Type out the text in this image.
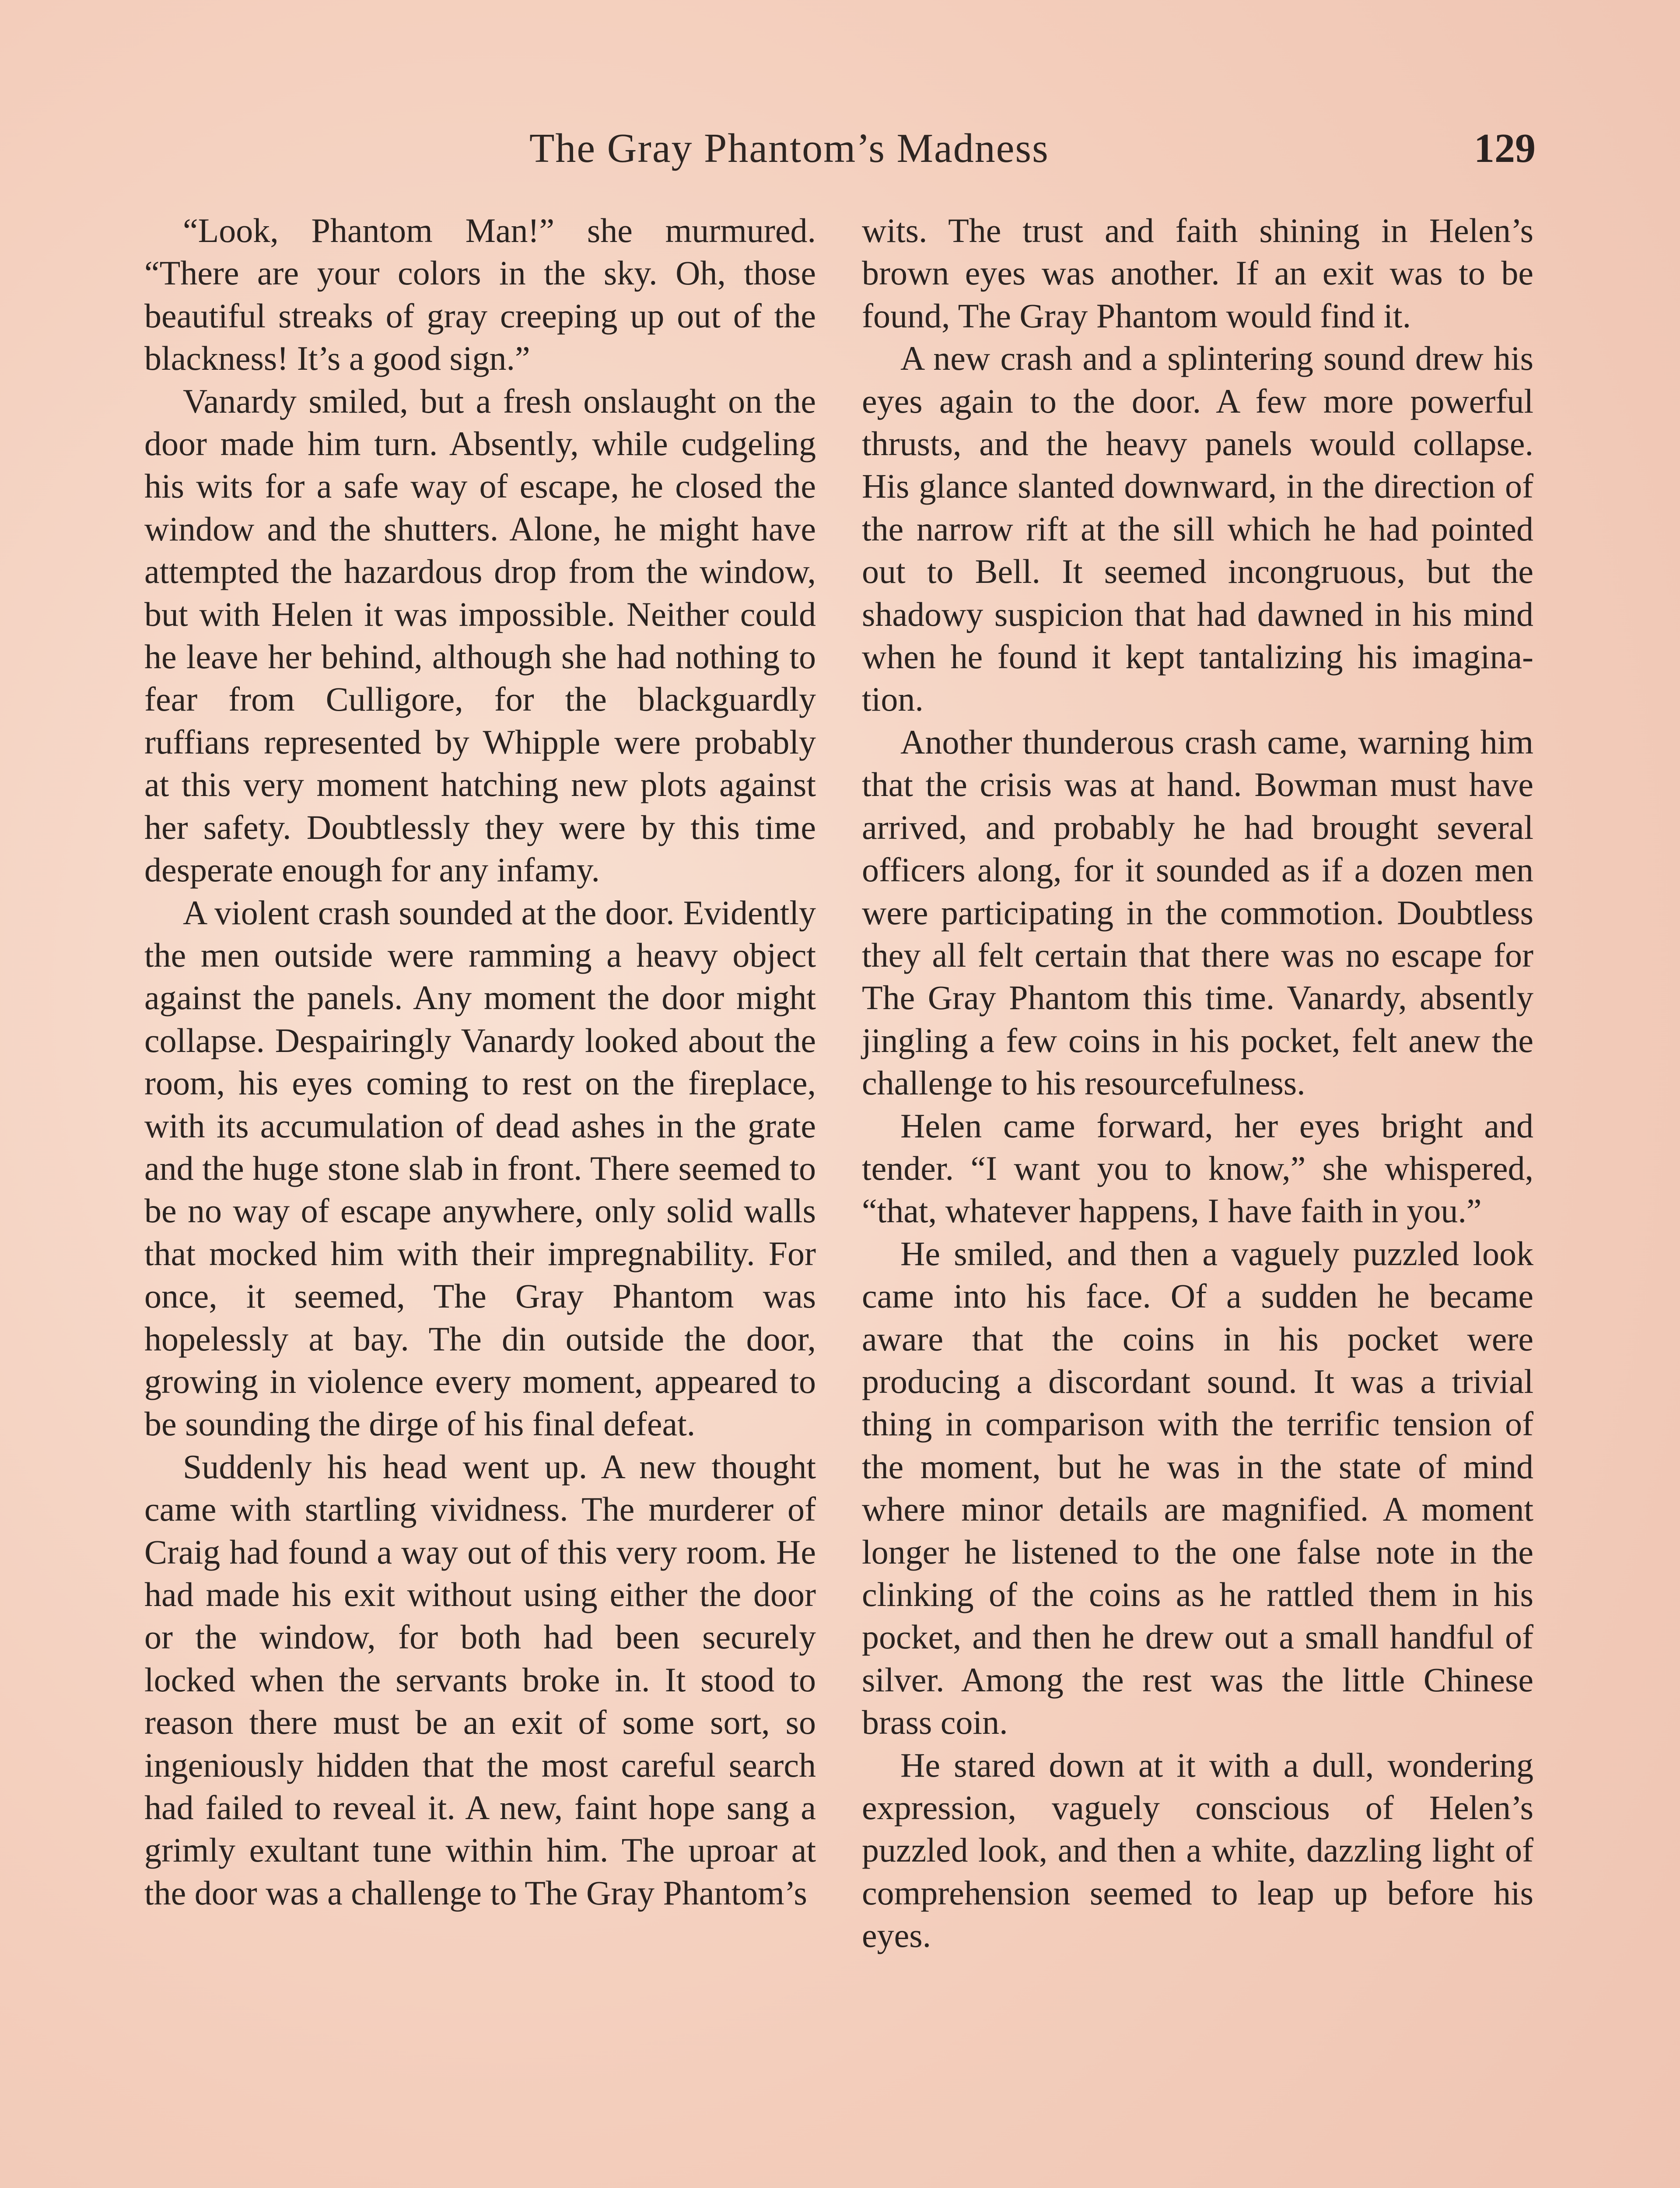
The Gray Phantom’s Madness	129

“Look, Phantom Man!” she murmured. “There are your colors in the sky. Oh, those beautiful streaks of gray creeping up out of the blackness! It’s a good sign.”

Vanardy smiled, but a fresh onslaught on the door made him turn. Absently, while cudgeling his wits for a safe way of escape, he closed the window and the shutters. Alone, he might have attempted the hazardous drop from the window, but with Helen it was impossible. Neither could he leave her behind, although she had nothing to fear from Culligore, for the blackguardly ruffians represented by Whipple were probably at this very moment hatching new plots against her safety. Doubtlessly they were by this time desperate enough for any infamy.

A violent crash sounded at the door. Evidently the men outside were ramming a heavy object against the panels. Any moment the door might collapse. Despairingly Vanardy looked about the room, his eyes coming to rest on the fireplace, with its accumulation of dead ashes in the grate and the huge stone slab in front. There seemed to be no way of escape anywhere, only solid walls that mocked him with their impregnability. For once, it seemed, The Gray Phantom was hopelessly at bay. The din outside the door, growing in violence every moment, appeared to be sounding the dirge of his final defeat.

Suddenly his head went up. A new thought came with startling vividness. The murderer of Craig had found a way out of this very room. He had made his exit without using either the door or the window, for both had been securely locked when the servants broke in. It stood to reason there must be an exit of some sort, so ingeniously hidden that the most careful search had failed to reveal it. A new, faint hope sang a grimly exultant tune within him. The uproar at the door was a challenge to The Gray Phantom’s

wits. The trust and faith shining in Helen’s brown eyes was another. If an exit was to be found, The Gray Phantom would find it.

A new crash and a splintering sound drew his eyes again to the door. A few more powerful thrusts, and the heavy panels would collapse. His glance slanted downward, in the direction of the narrow rift at the sill which he had pointed out to Bell. It seemed incongruous, but the shadowy suspicion that had dawned in his mind when he found it kept tantalizing his imagination.

Another thunderous crash came, warning him that the crisis was at hand. Bowman must have arrived, and probably he had brought several officers along, for it sounded as if a dozen men were participating in the commotion. Doubtless they all felt certain that there was no escape for The Gray Phantom this time. Vanardy, absently jingling a few coins in his pocket, felt anew the challenge to his resourcefulness.

Helen came forward, her eyes bright and tender. “I want you to know,” she whispered, “that, whatever happens, I have faith in you.”

He smiled, and then a vaguely puzzled look came into his face. Of a sudden he became aware that the coins in his pocket were producing a discordant sound. It was a trivial thing in comparison with the terrific tension of the moment, but he was in the state of mind where minor details are magnified. A moment longer he listened to the one false note in the clinking of the coins as he rattled them in his pocket, and then he drew out a small handful of silver. Among the rest was the little Chinese brass coin.

He stared down at it with a dull, wondering expression, vaguely conscious of Helen’s puzzled look, and then a white, dazzling light of comprehension seemed to leap up before his eyes.
